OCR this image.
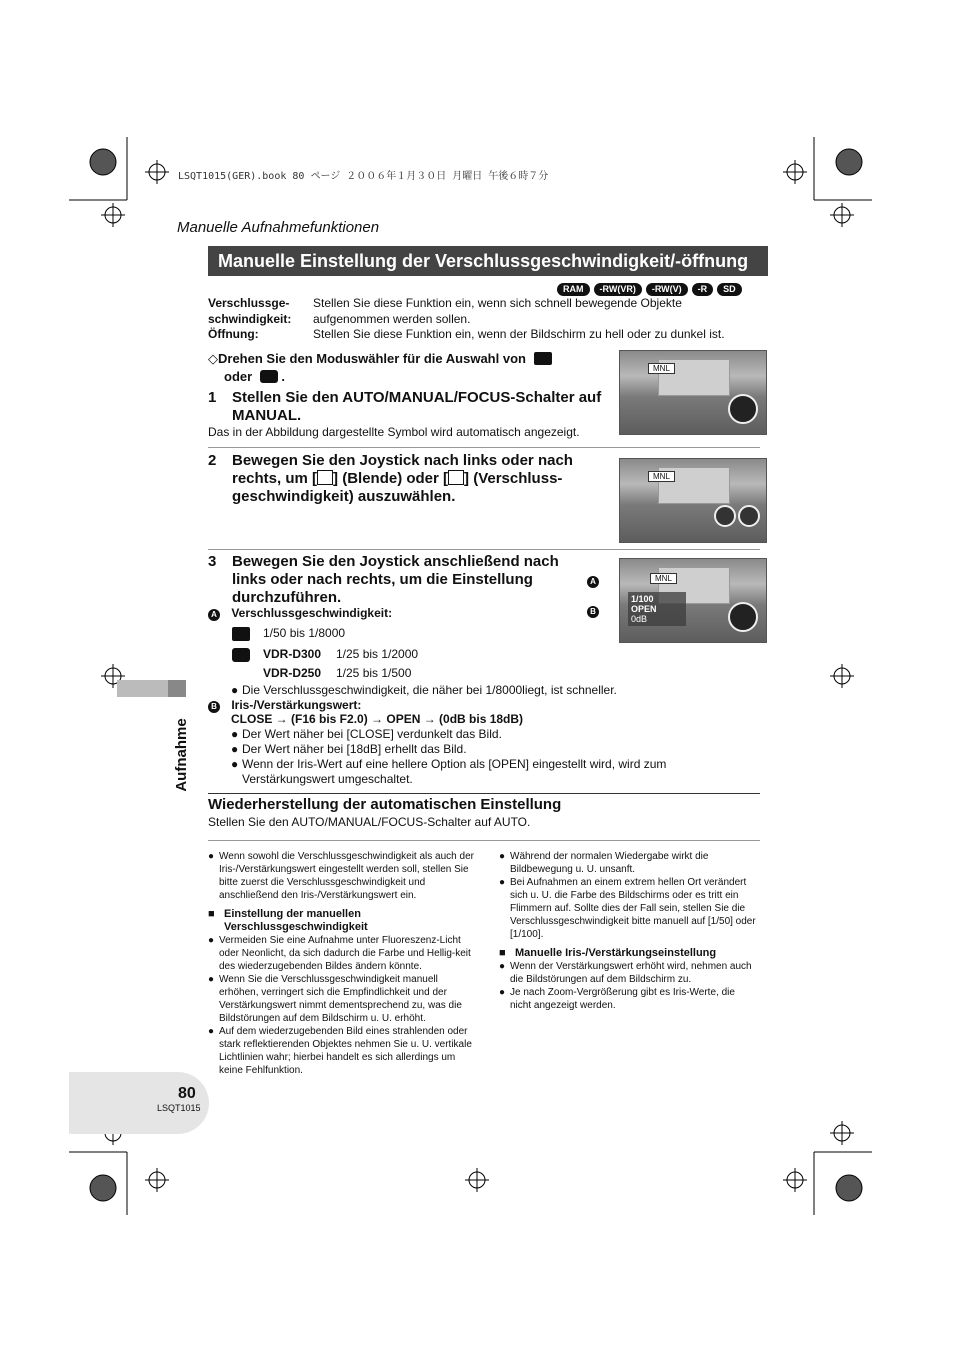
LSQT1015(GER).book 80 ページ ２００６年１月３０日 月曜日 午後６時７分
Manuelle Aufnahmefunktionen
Manuelle Einstellung der Verschlussgeschwindigkeit/-öffnung
RAM	-RW(VR)	-RW(V)	-R	SD
Verschlussge-	Stellen Sie diese Funktion ein, wenn sich schnell bewegende Objekte
schwindigkeit:	aufgenommen werden sollen.
Öffnung:	Stellen Sie diese Funktion ein, wenn der Bildschirm zu hell oder zu dunkel ist.
◇Drehen Sie den Moduswähler für die Auswahl von
oder  .
MNL
1	Stellen Sie den AUTO/MANUAL/FOCUS-Schalter auf MANUAL.
Das in der Abbildung dargestellte Symbol wird automatisch angezeigt.
MNL
2	Bewegen Sie den Joystick nach links oder nach rechts, um [ ] (Blende) oder [ ] (Verschluss-geschwindigkeit) auszuwählen.
MNL
1/100
OPEN
0dB
A
B
3	Bewegen Sie den Joystick anschließend nach links oder nach rechts, um die Einstellung durchzuführen.
A Verschlussgeschwindigkeit:
1/50 bis 1/8000
VDR-D300	1/25 bis 1/2000
VDR-D250	1/25 bis 1/500
● Die Verschlussgeschwindigkeit, die näher bei 1/8000liegt, ist schneller.
B Iris-/Verstärkungswert:
CLOSE → (F16 bis F2.0) → OPEN → (0dB bis 18dB)
● Der Wert näher bei [CLOSE] verdunkelt das Bild.
● Der Wert näher bei [18dB] erhellt das Bild.
● Wenn der Iris-Wert auf eine hellere Option als [OPEN] eingestellt wird, wird zum Verstärkungswert umgeschaltet.
Aufnahme
Wiederherstellung der automatischen Einstellung
Stellen Sie den AUTO/MANUAL/FOCUS-Schalter auf AUTO.
● Wenn sowohl die Verschlussgeschwindigkeit als auch der Iris-/Verstärkungswert eingestellt werden soll, stellen Sie bitte zuerst die Verschlussgeschwindigkeit und anschließend den Iris-/Verstärkungswert ein.
■ Einstellung der manuellen Verschlussgeschwindigkeit
● Vermeiden Sie eine Aufnahme unter Fluoreszenz-Licht oder Neonlicht, da sich dadurch die Farbe und Hellig-keit des wiederzugebenden Bildes ändern könnte.
● Wenn Sie die Verschlussgeschwindigkeit manuell erhöhen, verringert sich die Empfindlichkeit und der Verstärkungswert nimmt dementsprechend zu, was die Bildstörungen auf dem Bildschirm u. U. erhöht.
● Auf dem wiederzugebenden Bild eines strahlenden oder stark reflektierenden Objektes nehmen Sie u. U. vertikale Lichtlinien wahr; hierbei handelt es sich allerdings um keine Fehlfunktion.
● Während der normalen Wiedergabe wirkt die Bildbewegung u. U. unsanft.
● Bei Aufnahmen an einem extrem hellen Ort verändert sich u. U. die Farbe des Bildschirms oder es tritt ein Flimmern auf. Sollte dies der Fall sein, stellen Sie die Verschlussgeschwindigkeit bitte manuell auf [1/50] oder [1/100].
■ Manuelle Iris-/Verstärkungseinstellung
● Wenn der Verstärkungswert erhöht wird, nehmen auch die Bildstörungen auf dem Bildschirm zu.
● Je nach Zoom-Vergrößerung gibt es Iris-Werte, die nicht angezeigt werden.
80
LSQT1015
